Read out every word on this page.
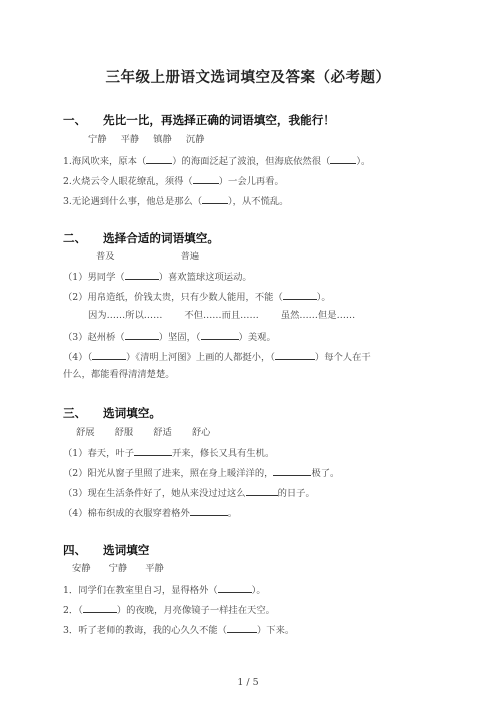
三年级上册语文选词填空及答案（必考题）
一、 先比一比，再选择正确的词语填空，我能行！
宁静 平静 镇静 沉静
1.海风吹来，原本（	）的海面泛起了波浪，但海底依然很（	）。
2.火烧云令人眼花缭乱，须得（	）一会儿再看。
3.无论遇到什么事，他总是那么（	），从不慌乱。
二、 选择合适的词语填空。
普及	普遍
（1）男同学（	）喜欢篮球这项运动。
（2）用帛造纸，价钱太贵，只有少数人能用，不能（	）。
因为……所以…… 不但……而且…… 虽然……但是……
（3）赵州桥（	）坚固，（	）美观。
（4）（	）《清明上河图》上画的人都挺小，（	）每个人在干
什么，都能看得清清楚楚。
三、 选词填空。
舒展 舒服 舒适 舒心
（1）春天，叶子	开来，修长又具有生机。
（2）阳光从窗子里照了进来，照在身上暖洋洋的，	极了。
（3）现在生活条件好了，她从来没过过这么	的日子。
（4）棉布织成的衣服穿着格外	。
四、 选词填空
安静 宁静 平静
1．同学们在教室里自习，显得格外（	）。
2．（	）的夜晚，月亮像镜子一样挂在天空。
3．听了老师的教诲，我的心久久不能（	）下来。
1 / 5
